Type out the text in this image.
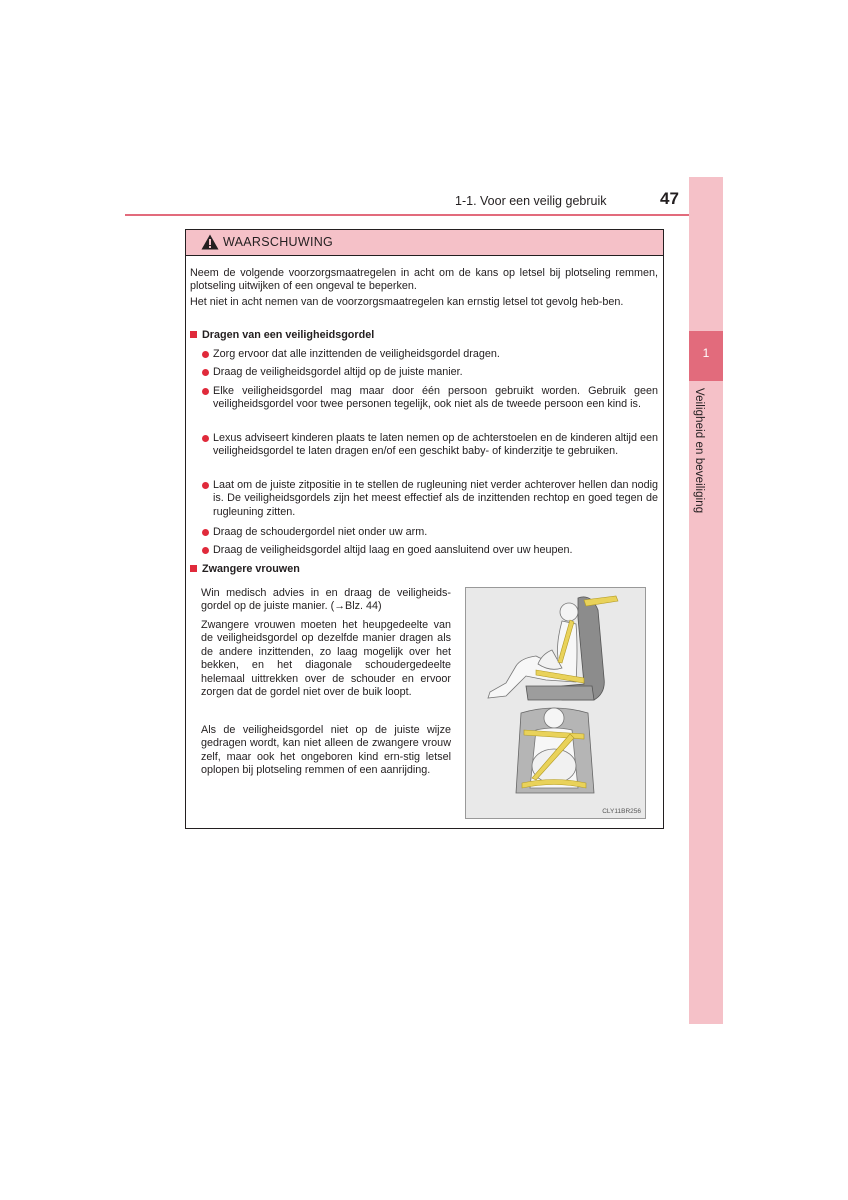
1
Veiligheid en beveiliging
1-1. Voor een veilig gebruik	47
WAARSCHUWING
Neem de volgende voorzorgsmaatregelen in acht om de kans op letsel bij plotseling remmen, plotseling uitwijken of een ongeval te beperken.
Het niet in acht nemen van de voorzorgsmaatregelen kan ernstig letsel tot gevolg heb-ben.
Dragen van een veiligheidsgordel
Zorg ervoor dat alle inzittenden de veiligheidsgordel dragen.
Draag de veiligheidsgordel altijd op de juiste manier.
Elke veiligheidsgordel mag maar door één persoon gebruikt worden. Gebruik geen veiligheidsgordel voor twee personen tegelijk, ook niet als de tweede persoon een kind is.
Lexus adviseert kinderen plaats te laten nemen op de achterstoelen en de kinderen altijd een veiligheidsgordel te laten dragen en/of een geschikt baby- of kinderzitje te gebruiken.
Laat om de juiste zitpositie in te stellen de rugleuning niet verder achterover hellen dan nodig is. De veiligheidsgordels zijn het meest effectief als de inzittenden rechtop en goed tegen de rugleuning zitten.
Draag de schoudergordel niet onder uw arm.
Draag de veiligheidsgordel altijd laag en goed aansluitend over uw heupen.
Zwangere vrouwen
Win medisch advies in en draag de veiligheids-gordel op de juiste manier. (→Blz. 44)
Zwangere vrouwen moeten het heupgedeelte van de veiligheidsgordel op dezelfde manier dragen als de andere inzittenden, zo laag mogelijk over het bekken, en het diagonale schoudergedeelte helemaal uittrekken over de schouder en ervoor zorgen dat de gordel niet over de buik loopt.
Als de veiligheidsgordel niet op de juiste wijze gedragen wordt, kan niet alleen de zwangere vrouw zelf, maar ook het ongeboren kind ern-stig letsel oplopen bij plotseling remmen of een aanrijding.
CLY11BR256
